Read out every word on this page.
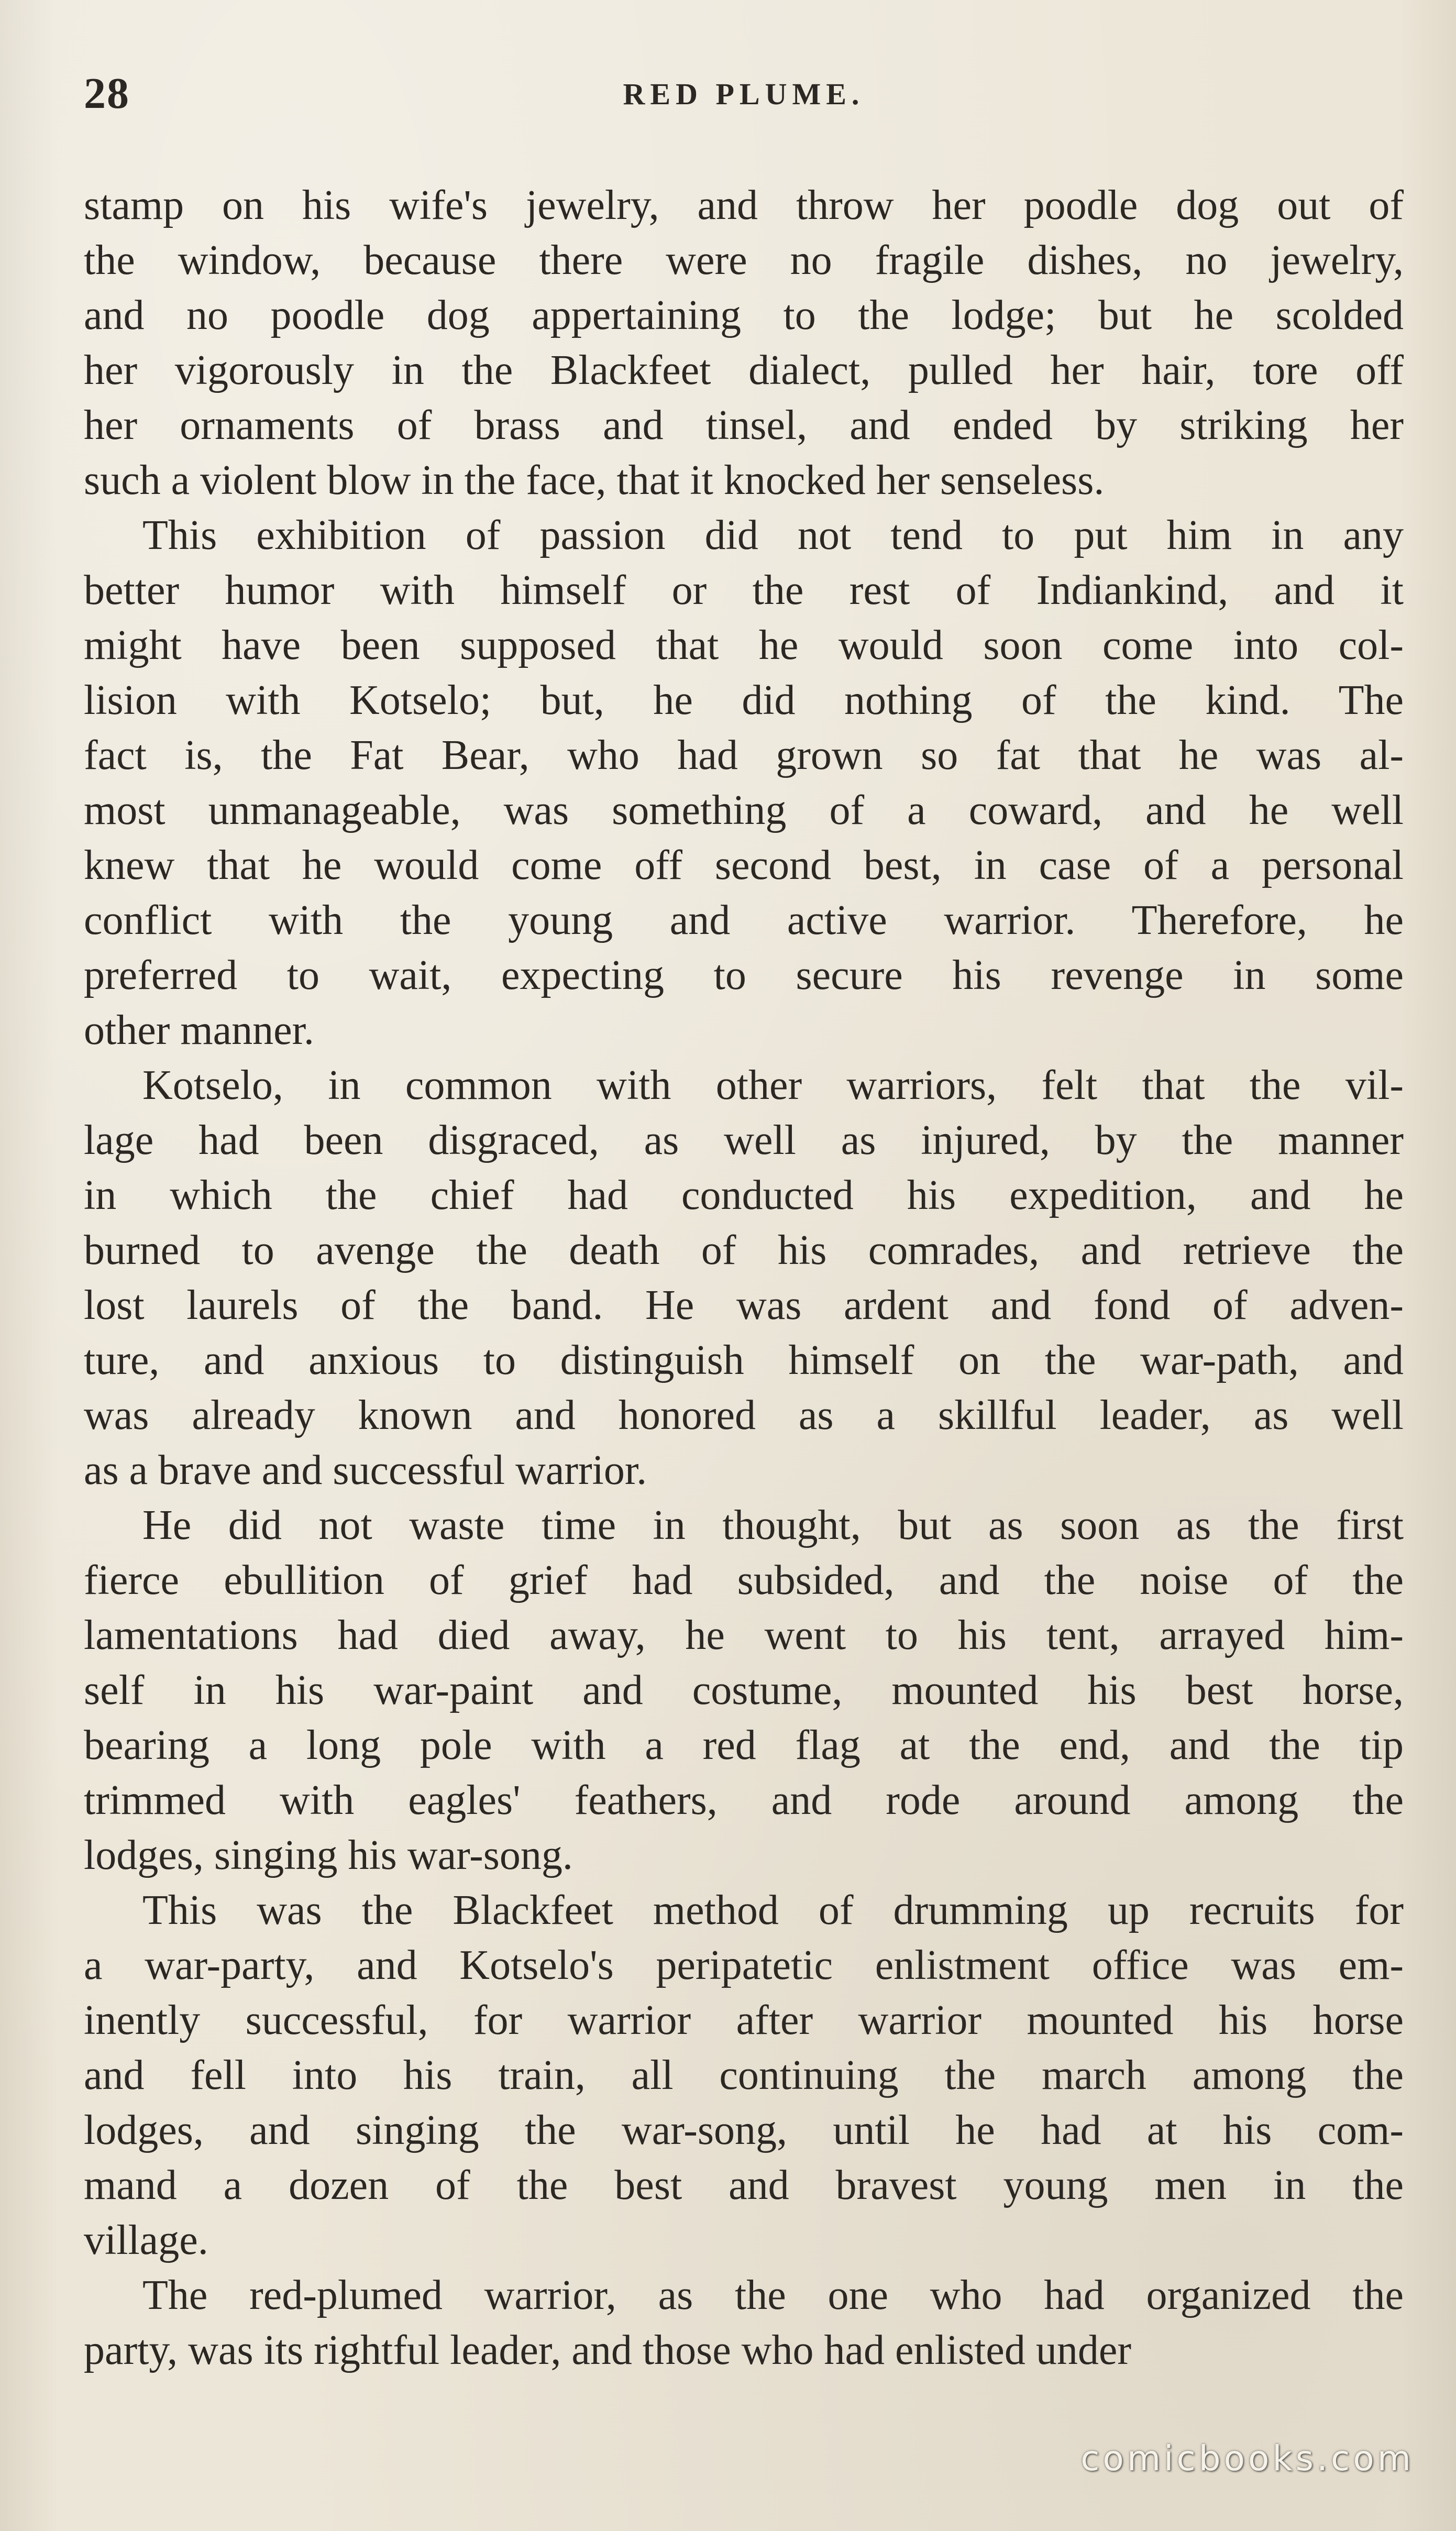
28	RED PLUME.

stamp on his wife's jewelry, and throw her poodle dog out of

the window, because there were no fragile dishes, no jewelry,

and no poodle dog appertaining to the lodge; but he scolded

her vigorously in the Blackfeet dialect, pulled her hair, tore off

her ornaments of brass and tinsel, and ended by striking her

such a violent blow in the face, that it knocked her senseless.

This exhibition of passion did not tend to put him in any

better humor with himself or the rest of Indiankind, and it

might have been supposed that he would soon come into col-

lision with Kotselo; but, he did nothing of the kind. The

fact is, the Fat Bear, who had grown so fat that he was al-

most unmanageable, was something of a coward, and he well

knew that he would come off second best, in case of a personal

conflict with the young and active warrior. Therefore, he

preferred to wait, expecting to secure his revenge in some

other manner.

Kotselo, in common with other warriors, felt that the vil-

lage had been disgraced, as well as injured, by the manner

in which the chief had conducted his expedition, and he

burned to avenge the death of his comrades, and retrieve the

lost laurels of the band. He was ardent and fond of adven-

ture, and anxious to distinguish himself on the war-path, and

was already known and honored as a skillful leader, as well

as a brave and successful warrior.

He did not waste time in thought, but as soon as the first

fierce ebullition of grief had subsided, and the noise of the

lamentations had died away, he went to his tent, arrayed him-

self in his war-paint and costume, mounted his best horse,

bearing a long pole with a red flag at the end, and the tip

trimmed with eagles' feathers, and rode around among the

lodges, singing his war-song.

This was the Blackfeet method of drumming up recruits for

a war-party, and Kotselo's peripatetic enlistment office was em-

inently successful, for warrior after warrior mounted his horse

and fell into his train, all continuing the march among the

lodges, and singing the war-song, until he had at his com-

mand a dozen of the best and bravest young men in the

village.

The red-plumed warrior, as the one who had organized the

party, was its rightful leader, and those who had enlisted under

comicbooks.com
